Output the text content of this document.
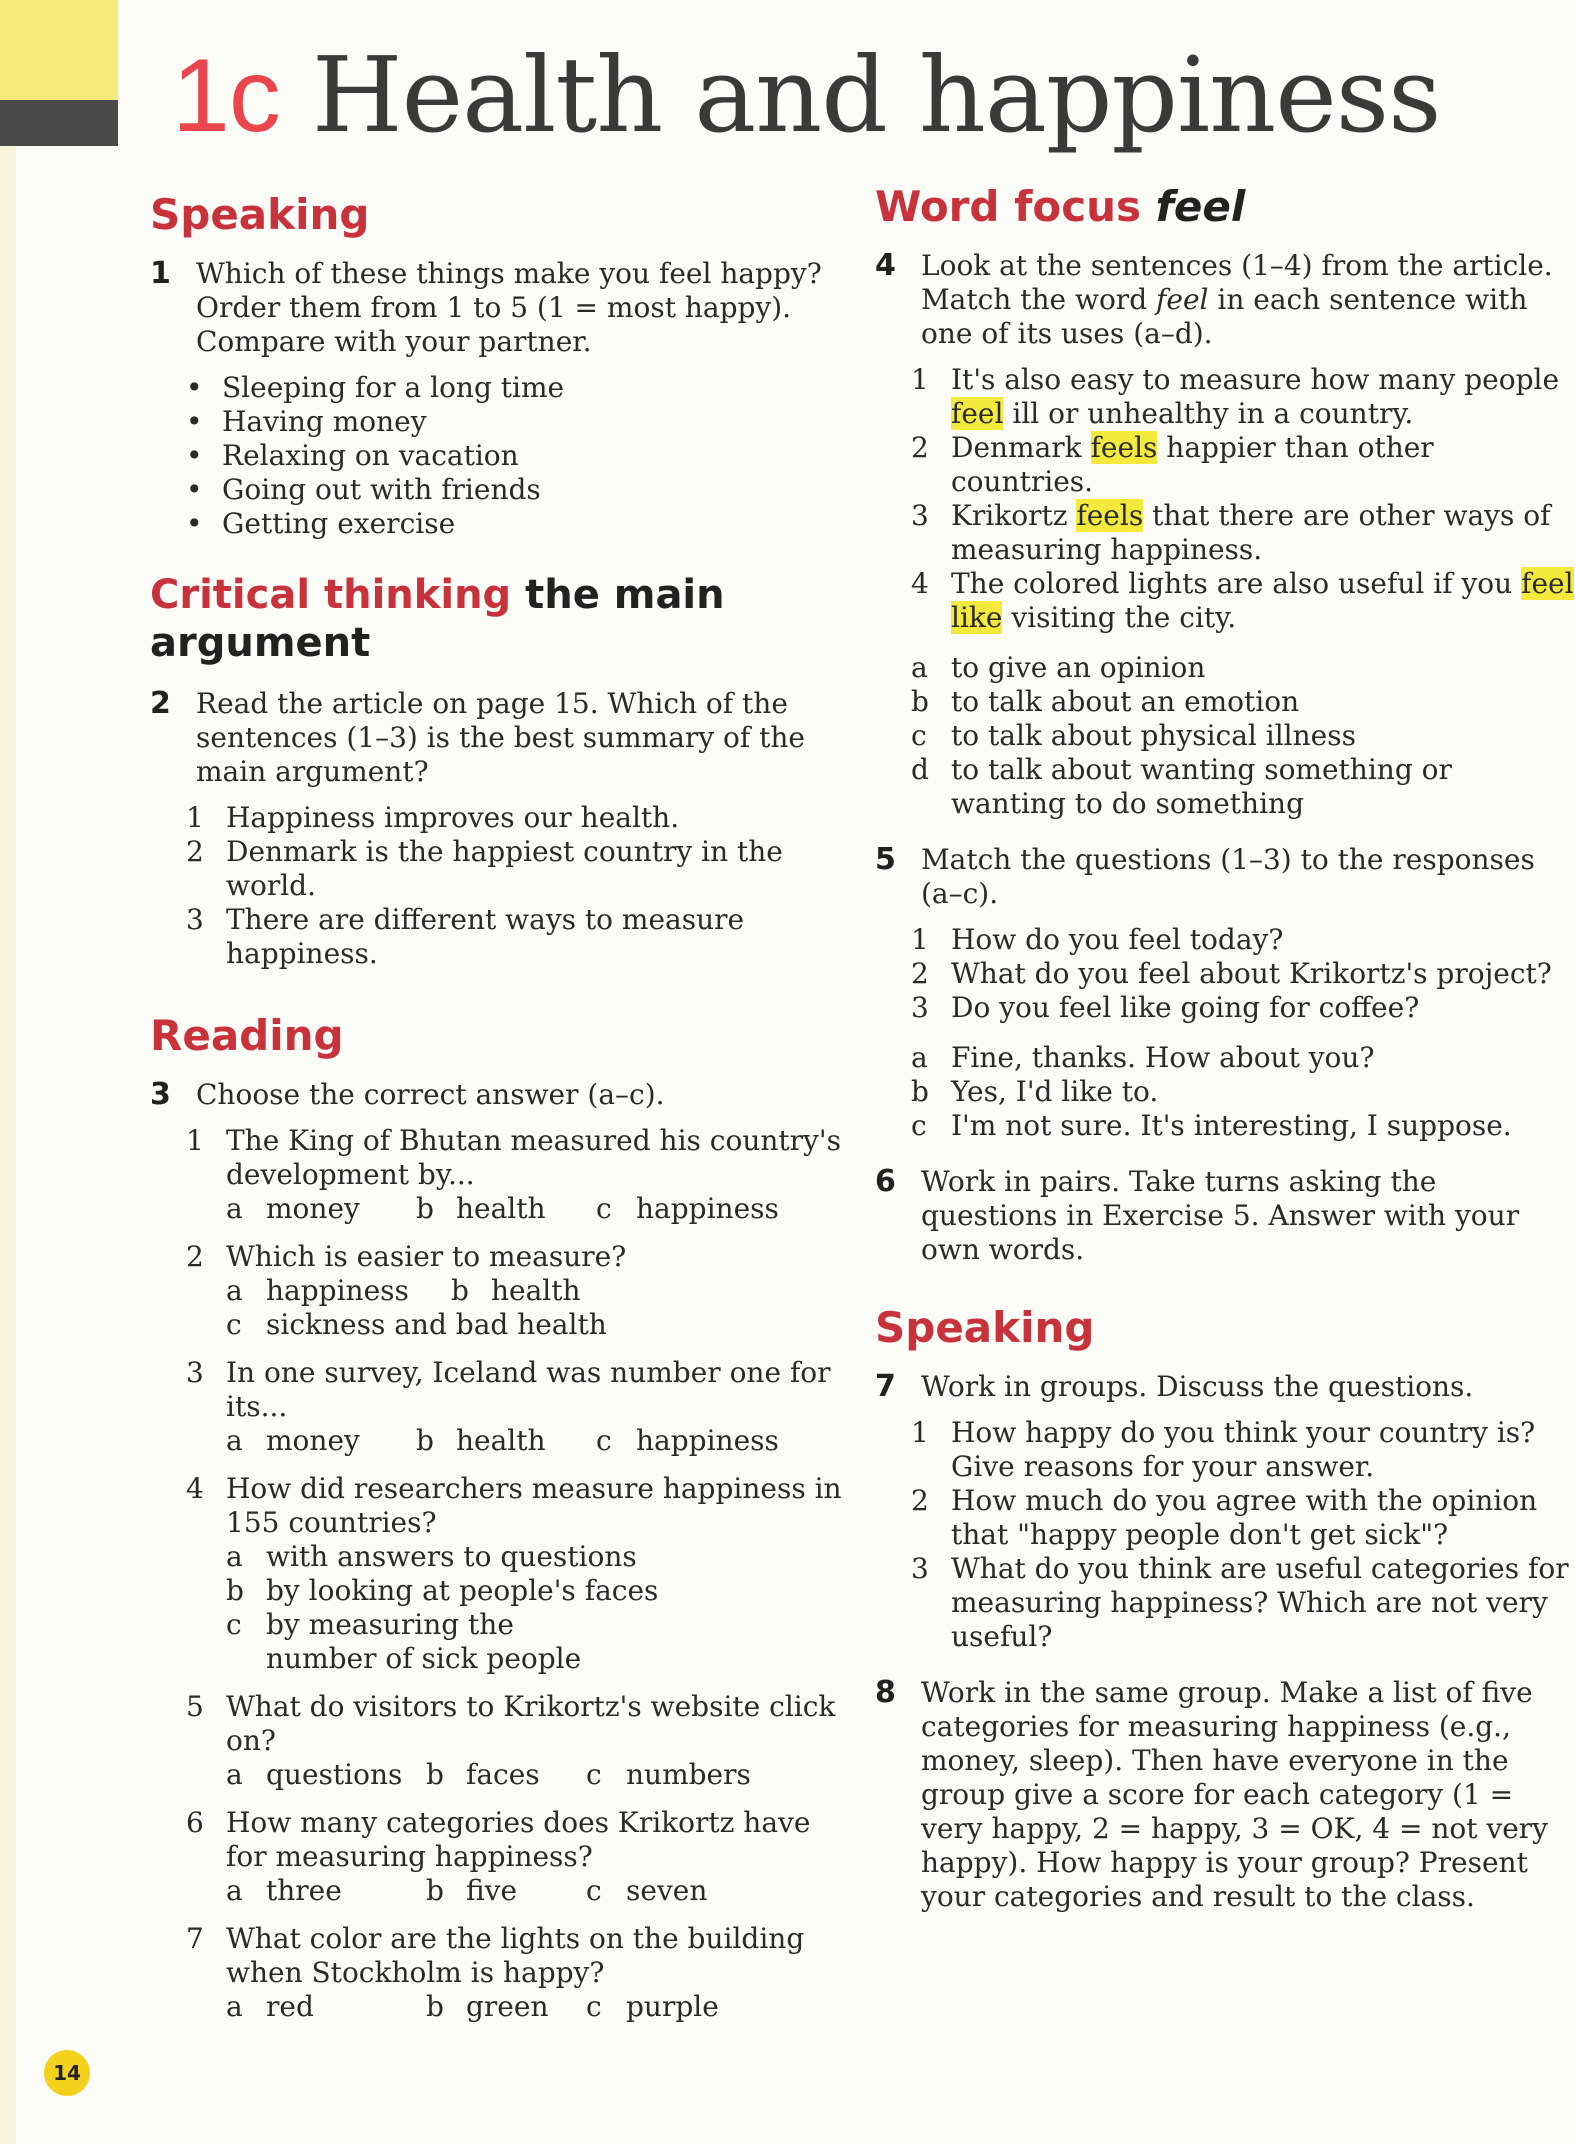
1c Health and happiness
Speaking
1 Which of these things make you feel happy? Order them from 1 to 5 (1 = most happy). Compare with your partner.
• Sleeping for a long time
• Having money
• Relaxing on vacation
• Going out with friends
• Getting exercise
Critical thinking the main argument
2 Read the article on page 15. Which of the sentences (1–3) is the best summary of the main argument?
1 Happiness improves our health.
2 Denmark is the happiest country in the world.
3 There are different ways to measure happiness.
Reading
3 Choose the correct answer (a–c).
1 The King of Bhutan measured his country's development by...
a money b health c happiness
2 Which is easier to measure?
a happiness b health
c sickness and bad health
3 In one survey, Iceland was number one for its...
a money b health c happiness
4 How did researchers measure happiness in 155 countries?
a with answers to questions
b by looking at people's faces
c by measuring the number of sick people
5 What do visitors to Krikortz's website click on?
a questions b faces c numbers
6 How many categories does Krikortz have for measuring happiness?
a three	b five c seven
7 What color are the lights on the building when Stockholm is happy?
a red	b green c purple
Word focus feel
4 Look at the sentences (1–4) from the article. Match the word feel in each sentence with one of its uses (a–d).
1 It's also easy to measure how many people feel ill or unhealthy in a country.
2 Denmark feels happier than other countries.
3 Krikortz feels that there are other ways of measuring happiness.
4 The colored lights are also useful if you feel like visiting the city.
a to give an opinion
b to talk about an emotion
c to talk about physical illness
d to talk about wanting something or wanting to do something
5 Match the questions (1–3) to the responses (a–c).
1 How do you feel today?
2 What do you feel about Krikortz's project?
3 Do you feel like going for coffee?
a Fine, thanks. How about you?
b Yes, I'd like to.
c I'm not sure. It's interesting, I suppose.
6 Work in pairs. Take turns asking the questions in Exercise 5. Answer with your own words.
Speaking
7 Work in groups. Discuss the questions.
1 How happy do you think your country is? Give reasons for your answer.
2 How much do you agree with the opinion that "happy people don't get sick"?
3 What do you think are useful categories for measuring happiness? Which are not very useful?
8 Work in the same group. Make a list of five categories for measuring happiness (e.g., money, sleep). Then have everyone in the group give a score for each category (1 = very happy, 2 = happy, 3 = OK, 4 = not very happy). How happy is your group? Present your categories and result to the class.
14
